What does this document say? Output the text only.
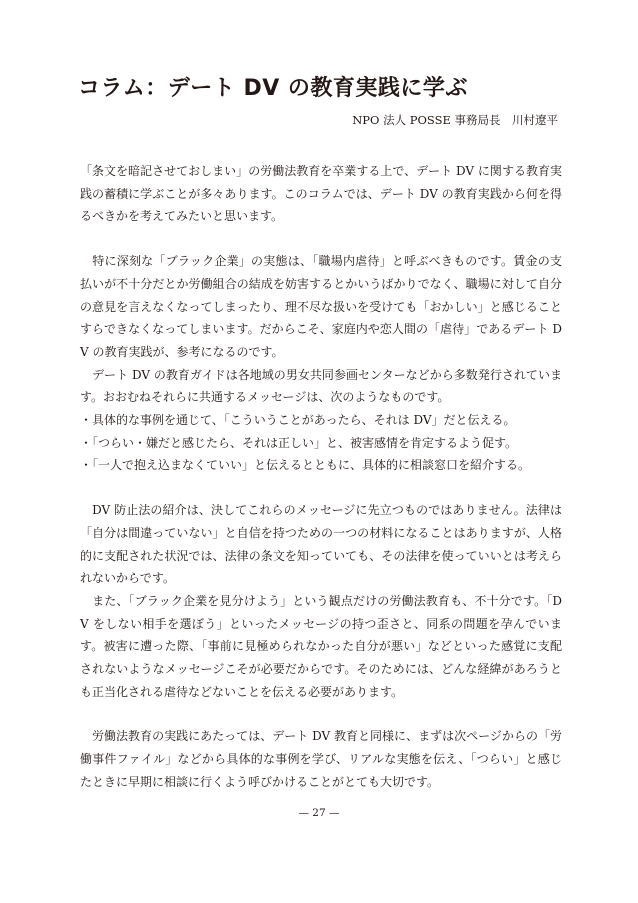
コラム：デート DV の教育実践に学ぶ
NPO 法人 POSSE 事務局長　川村遼平

「条文を暗記させておしまい」の労働法教育を卒業する上で、デート DV に関する教育実践の蓄積に学ぶことが多々あります。このコラムでは、デート DV の教育実践から何を得るべきかを考えてみたいと思います。

　特に深刻な「ブラック企業」の実態は、「職場内虐待」と呼ぶべきものです。賃金の支払いが不十分だとか労働組合の結成を妨害するとかいうばかりでなく、職場に対して自分の意見を言えなくなってしまったり、理不尽な扱いを受けても「おかしい」と感じることすらできなくなってしまいます。だからこそ、家庭内や恋人間の「虐待」であるデート DV の教育実践が、参考になるのです。

　デート DV の教育ガイドは各地域の男女共同参画センターなどから多数発行されています。おおむねそれらに共通するメッセージは、次のようなものです。

・具体的な事例を通じて、「こういうことがあったら、それは DV」だと伝える。
・「つらい・嫌だと感じたら、それは正しい」と、被害感情を肯定するよう促す。
・「一人で抱え込まなくていい」と伝えるとともに、具体的に相談窓口を紹介する。

　DV 防止法の紹介は、決してこれらのメッセージに先立つものではありません。法律は「自分は間違っていない」と自信を持つための一つの材料になることはありますが、人格的に支配された状況では、法律の条文を知っていても、その法律を使っていいとは考えられないからです。

　また、「ブラック企業を見分けよう」という観点だけの労働法教育も、不十分です。「DV をしない相手を選ぼう」といったメッセージの持つ歪さと、同系の問題を孕んでいます。被害に遭った際、「事前に見極められなかった自分が悪い」などといった感覚に支配されないようなメッセージこそが必要だからです。そのためには、どんな経緯があろうとも正当化される虐待などないことを伝える必要があります。

　労働法教育の実践にあたっては、デート DV 教育と同様に、まずは次ページからの「労働事件ファイル」などから具体的な事例を学び、リアルな実態を伝え、「つらい」と感じたときに早期に相談に行くよう呼びかけることがとても大切です。

— 27 —
